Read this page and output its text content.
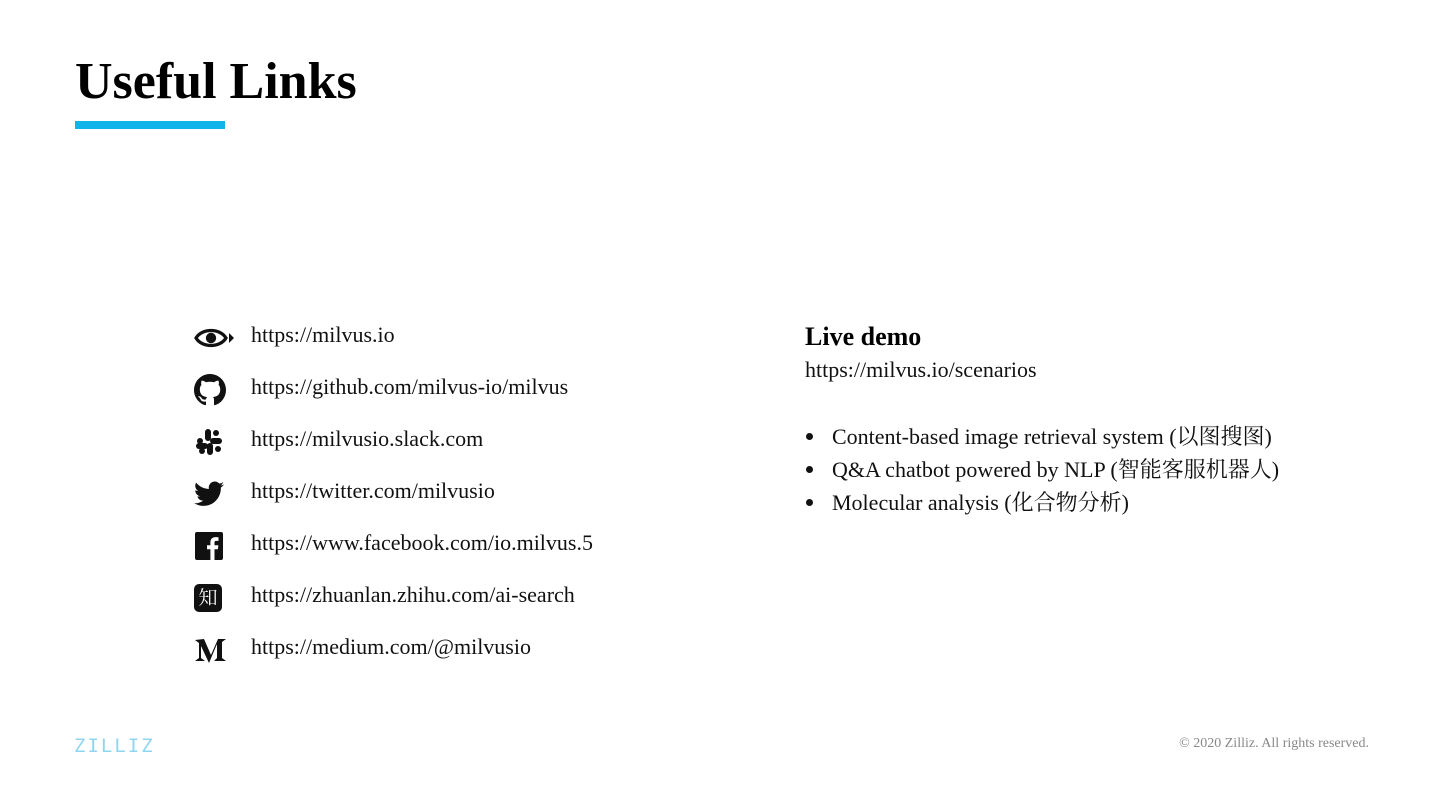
Useful Links
https://milvus.io
https://github.com/milvus-io/milvus
https://milvusio.slack.com
https://twitter.com/milvusio
https://www.facebook.com/io.milvus.5
知 https://zhuanlan.zhihu.com/ai-search
https://medium.com/@milvusio
Live demo
https://milvus.io/scenarios
Content-based image retrieval system (以图搜图)
Q&A chatbot powered by NLP (智能客服机器人)
Molecular analysis (化合物分析)
ZILLIZ	© 2020 Zilliz. All rights reserved.
